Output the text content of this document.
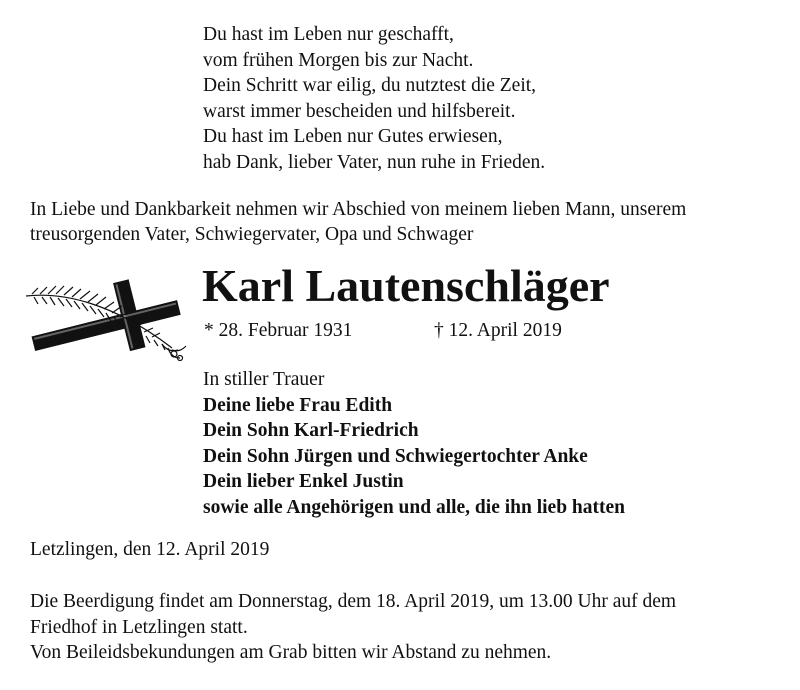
Du hast im Leben nur geschafft,
vom frühen Morgen bis zur Nacht.
Dein Schritt war eilig, du nutztest die Zeit,
warst immer bescheiden und hilfsbereit.
Du hast im Leben nur Gutes erwiesen,
hab Dank, lieber Vater, nun ruhe in Frieden.
In Liebe und Dankbarkeit nehmen wir Abschied von meinem lieben Mann, unserem
treusorgenden Vater, Schwiegervater, Opa und Schwager
Karl Lautenschläger
* 28. Februar 1931	† 12. April 2019
In stiller Trauer
Deine liebe Frau Edith
Dein Sohn Karl-Friedrich
Dein Sohn Jürgen und Schwiegertochter Anke
Dein lieber Enkel Justin
sowie alle Angehörigen und alle, die ihn lieb hatten
Letzlingen, den 12. April 2019
Die Beerdigung findet am Donnerstag, dem 18. April 2019, um 13.00 Uhr auf dem
Friedhof in Letzlingen statt.
Von Beileidsbekundungen am Grab bitten wir Abstand zu nehmen.
